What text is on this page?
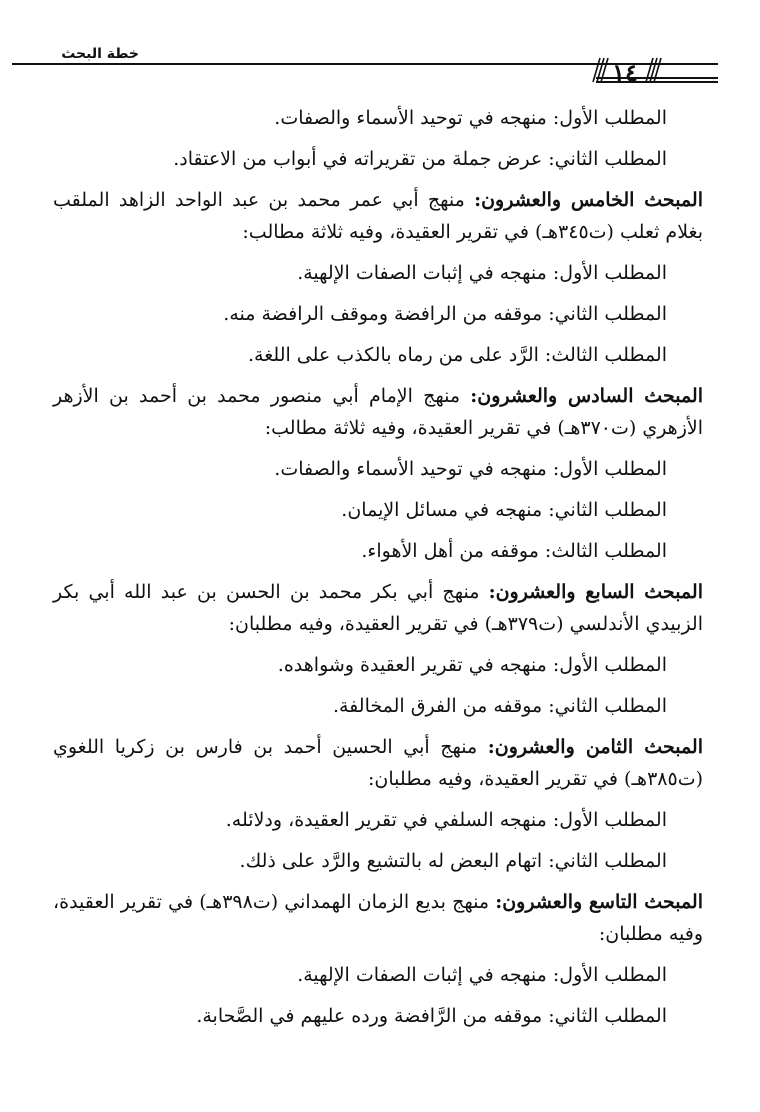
خطة البحث
١٤
المطلب الأول: منهجه في توحيد الأسماء والصفات.
المطلب الثاني: عرض جملة من تقريراته في أبواب من الاعتقاد.
المبحث الخامس والعشرون: منهج أبي عمر محمد بن عبد الواحد الزاهد الملقب بغلام ثعلب (ت٣٤٥هـ) في تقرير العقيدة، وفيه ثلاثة مطالب:
المطلب الأول: منهجه في إثبات الصفات الإلهية.
المطلب الثاني: موقفه من الرافضة وموقف الرافضة منه.
المطلب الثالث: الرَّد على من رماه بالكذب على اللغة.
المبحث السادس والعشرون: منهج الإمام أبي منصور محمد بن أحمد بن الأزهر الأزهري (ت٣٧٠هـ) في تقرير العقيدة، وفيه ثلاثة مطالب:
المطلب الأول: منهجه في توحيد الأسماء والصفات.
المطلب الثاني: منهجه في مسائل الإيمان.
المطلب الثالث: موقفه من أهل الأهواء.
المبحث السابع والعشرون: منهج أبي بكر محمد بن الحسن بن عبد الله أبي بكر الزبيدي الأندلسي (ت٣٧٩هـ) في تقرير العقيدة، وفيه مطلبان:
المطلب الأول: منهجه في تقرير العقيدة وشواهده.
المطلب الثاني: موقفه من الفرق المخالفة.
المبحث الثامن والعشرون: منهج أبي الحسين أحمد بن فارس بن زكريا اللغوي (ت٣٨٥هـ) في تقرير العقيدة، وفيه مطلبان:
المطلب الأول: منهجه السلفي في تقرير العقيدة، ودلائله.
المطلب الثاني: اتهام البعض له بالتشيع والرَّد على ذلك.
المبحث التاسع والعشرون: منهج بديع الزمان الهمداني (ت٣٩٨هـ) في تقرير العقيدة، وفيه مطلبان:
المطلب الأول: منهجه في إثبات الصفات الإلهية.
المطلب الثاني: موقفه من الرَّافضة ورده عليهم في الصَّحابة.
